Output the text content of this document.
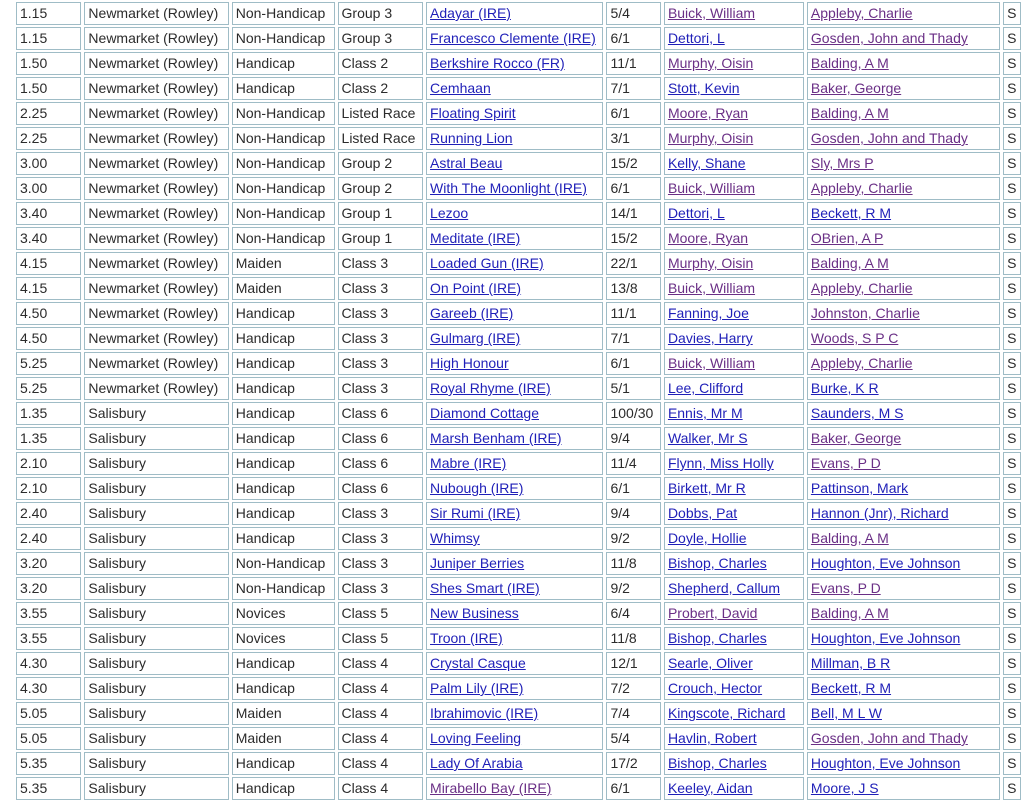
1.15	Newmarket (Rowley)	Non-Handicap	Group 3	Adayar (IRE)	5/4	Buick, William	Appleby, Charlie	S
1.15	Newmarket (Rowley)	Non-Handicap	Group 3	Francesco Clemente (IRE)	6/1	Dettori, L	Gosden, John and Thady	S
1.50	Newmarket (Rowley)	Handicap	Class 2	Berkshire Rocco (FR)	11/1	Murphy, Oisin	Balding, A M	S
1.50	Newmarket (Rowley)	Handicap	Class 2	Cemhaan	7/1	Stott, Kevin	Baker, George	S
2.25	Newmarket (Rowley)	Non-Handicap	Listed Race	Floating Spirit	6/1	Moore, Ryan	Balding, A M	S
2.25	Newmarket (Rowley)	Non-Handicap	Listed Race	Running Lion	3/1	Murphy, Oisin	Gosden, John and Thady	S
3.00	Newmarket (Rowley)	Non-Handicap	Group 2	Astral Beau	15/2	Kelly, Shane	Sly, Mrs P	S
3.00	Newmarket (Rowley)	Non-Handicap	Group 2	With The Moonlight (IRE)	6/1	Buick, William	Appleby, Charlie	S
3.40	Newmarket (Rowley)	Non-Handicap	Group 1	Lezoo	14/1	Dettori, L	Beckett, R M	S
3.40	Newmarket (Rowley)	Non-Handicap	Group 1	Meditate (IRE)	15/2	Moore, Ryan	OBrien, A P	S
4.15	Newmarket (Rowley)	Maiden	Class 3	Loaded Gun (IRE)	22/1	Murphy, Oisin	Balding, A M	S
4.15	Newmarket (Rowley)	Maiden	Class 3	On Point (IRE)	13/8	Buick, William	Appleby, Charlie	S
4.50	Newmarket (Rowley)	Handicap	Class 3	Gareeb (IRE)	11/1	Fanning, Joe	Johnston, Charlie	S
4.50	Newmarket (Rowley)	Handicap	Class 3	Gulmarg (IRE)	7/1	Davies, Harry	Woods, S P C	S
5.25	Newmarket (Rowley)	Handicap	Class 3	High Honour	6/1	Buick, William	Appleby, Charlie	S
5.25	Newmarket (Rowley)	Handicap	Class 3	Royal Rhyme (IRE)	5/1	Lee, Clifford	Burke, K R	S
1.35	Salisbury	Handicap	Class 6	Diamond Cottage	100/30	Ennis, Mr M	Saunders, M S	S
1.35	Salisbury	Handicap	Class 6	Marsh Benham (IRE)	9/4	Walker, Mr S	Baker, George	S
2.10	Salisbury	Handicap	Class 6	Mabre (IRE)	11/4	Flynn, Miss Holly	Evans, P D	S
2.10	Salisbury	Handicap	Class 6	Nubough (IRE)	6/1	Birkett, Mr R	Pattinson, Mark	S
2.40	Salisbury	Handicap	Class 3	Sir Rumi (IRE)	9/4	Dobbs, Pat	Hannon (Jnr), Richard	S
2.40	Salisbury	Handicap	Class 3	Whimsy	9/2	Doyle, Hollie	Balding, A M	S
3.20	Salisbury	Non-Handicap	Class 3	Juniper Berries	11/8	Bishop, Charles	Houghton, Eve Johnson	S
3.20	Salisbury	Non-Handicap	Class 3	Shes Smart (IRE)	9/2	Shepherd, Callum	Evans, P D	S
3.55	Salisbury	Novices	Class 5	New Business	6/4	Probert, David	Balding, A M	S
3.55	Salisbury	Novices	Class 5	Troon (IRE)	11/8	Bishop, Charles	Houghton, Eve Johnson	S
4.30	Salisbury	Handicap	Class 4	Crystal Casque	12/1	Searle, Oliver	Millman, B R	S
4.30	Salisbury	Handicap	Class 4	Palm Lily (IRE)	7/2	Crouch, Hector	Beckett, R M	S
5.05	Salisbury	Maiden	Class 4	Ibrahimovic (IRE)	7/4	Kingscote, Richard	Bell, M L W	S
5.05	Salisbury	Maiden	Class 4	Loving Feeling	5/4	Havlin, Robert	Gosden, John and Thady	S
5.35	Salisbury	Handicap	Class 4	Lady Of Arabia	17/2	Bishop, Charles	Houghton, Eve Johnson	S
5.35	Salisbury	Handicap	Class 4	Mirabello Bay (IRE)	6/1	Keeley, Aidan	Moore, J S	S
